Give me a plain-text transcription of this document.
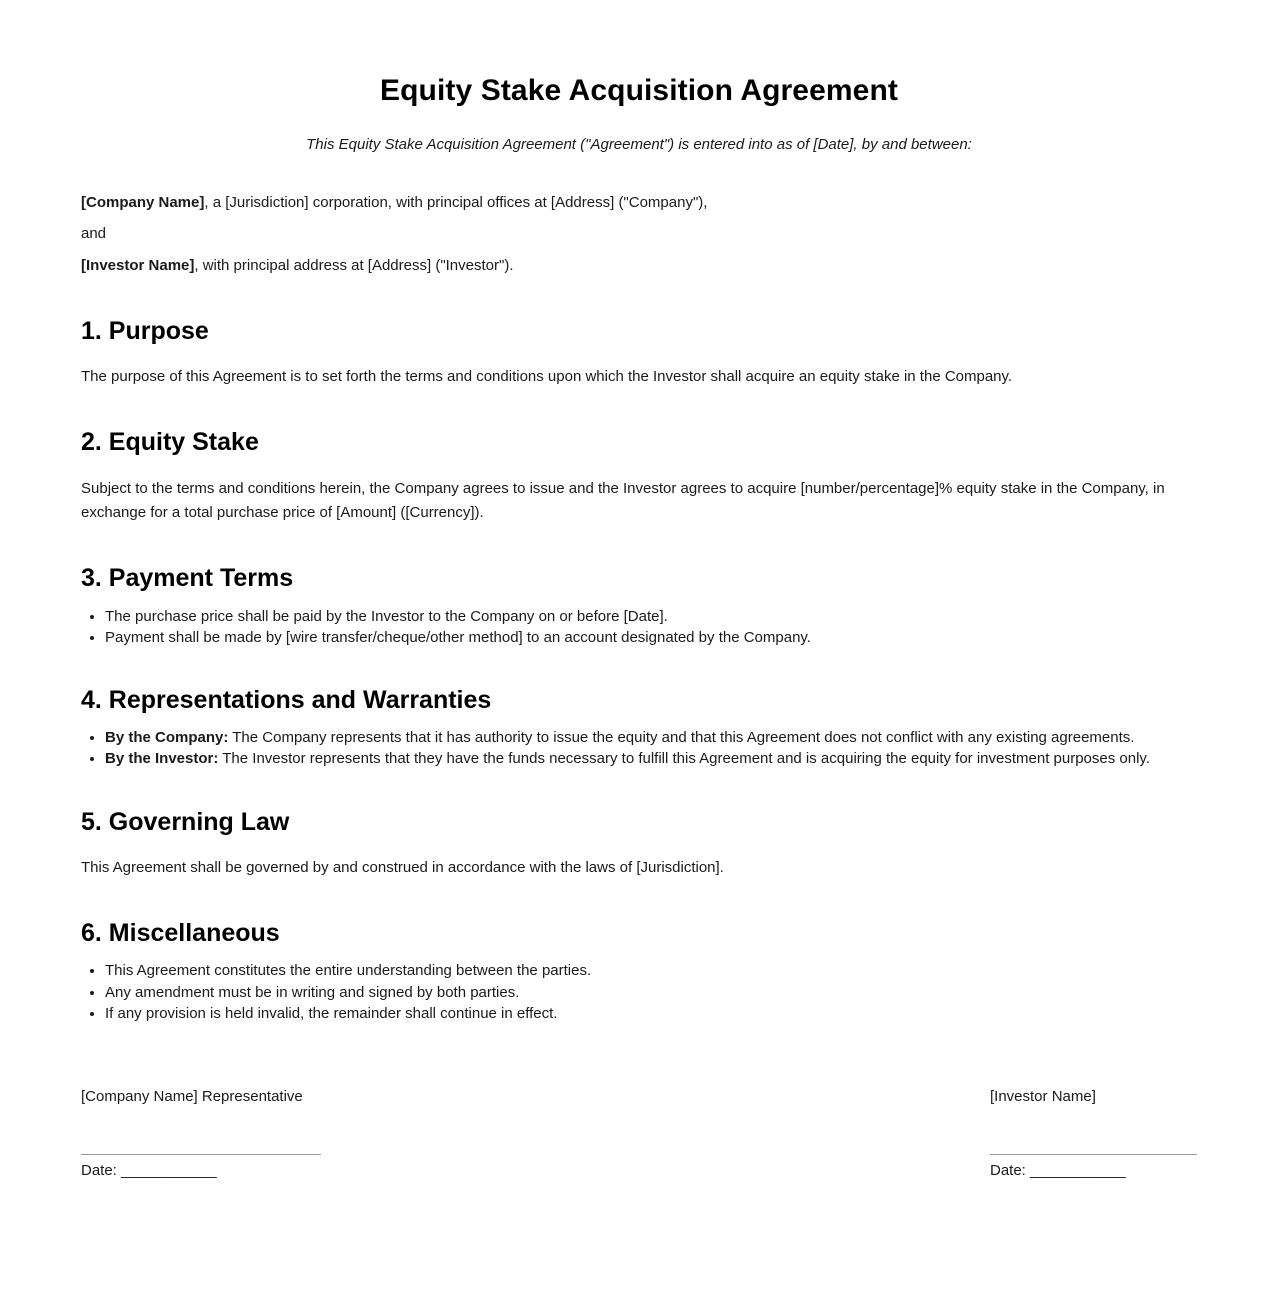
Equity Stake Acquisition Agreement

This Equity Stake Acquisition Agreement ("Agreement") is entered into as of [Date], by and between:

[Company Name], a [Jurisdiction] corporation, with principal offices at [Address] ("Company"),

and

[Investor Name], with principal address at [Address] ("Investor").

1. Purpose

The purpose of this Agreement is to set forth the terms and conditions upon which the Investor shall acquire an equity stake in the Company.

2. Equity Stake

Subject to the terms and conditions herein, the Company agrees to issue and the Investor agrees to acquire [number/percentage]% equity stake in the Company, in exchange for a total purchase price of [Amount] ([Currency]).

3. Payment Terms
• The purchase price shall be paid by the Investor to the Company on or before [Date].
• Payment shall be made by [wire transfer/cheque/other method] to an account designated by the Company.
4. Representations and Warranties
• By the Company: The Company represents that it has authority to issue the equity and that this Agreement does not conflict with any existing agreements.
• By the Investor: The Investor represents that they have the funds necessary to fulfill this Agreement and is acquiring the equity for investment purposes only.
5. Governing Law

This Agreement shall be governed by and construed in accordance with the laws of [Jurisdiction].

6. Miscellaneous
• This Agreement constitutes the entire understanding between the parties.
• Any amendment must be in writing and signed by both parties.
• If any provision is held invalid, the remainder shall continue in effect.
[Company Name] Representative
Date: ____________
[Investor Name]
Date: ____________
